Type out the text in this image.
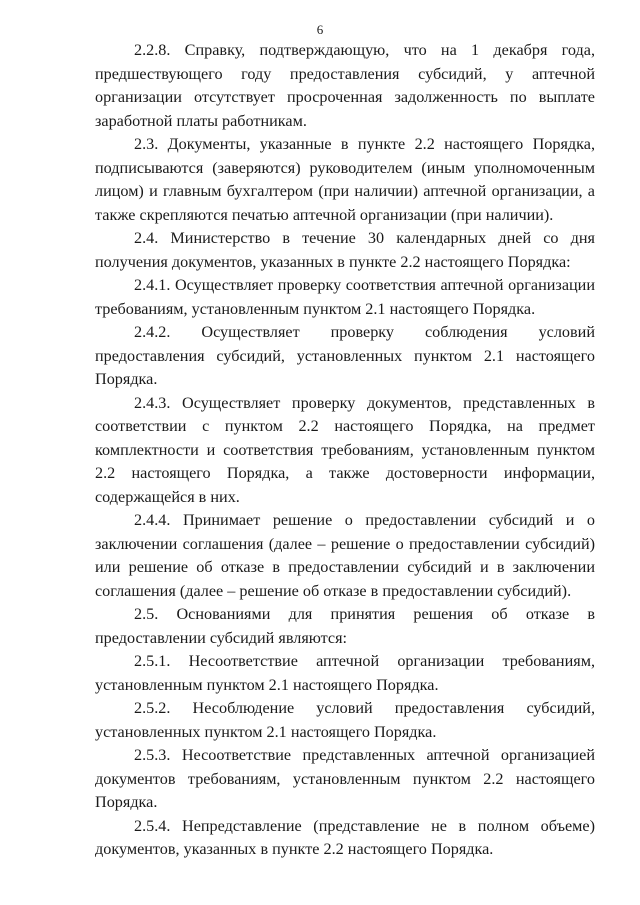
6

2.2.8. Справку, подтверждающую, что на 1 декабря года, предшествующего году предоставления субсидий, у аптечной организации отсутствует просроченная задолженность по выплате заработной платы работникам.

2.3. Документы, указанные в пункте 2.2 настоящего Порядка, подписываются (заверяются) руководителем (иным уполномоченным лицом) и главным бухгалтером (при наличии) аптечной организации, а также скрепляются печатью аптечной организации (при наличии).

2.4. Министерство в течение 30 календарных дней со дня получения документов, указанных в пункте 2.2 настоящего Порядка:

2.4.1. Осуществляет проверку соответствия аптечной организации требованиям, установленным пунктом 2.1 настоящего Порядка.

2.4.2. Осуществляет проверку соблюдения условий предоставления субсидий, установленных пунктом 2.1 настоящего Порядка.

2.4.3. Осуществляет проверку документов, представленных в соответствии с пунктом 2.2 настоящего Порядка, на предмет комплектности и соответствия требованиям, установленным пунктом 2.2 настоящего Порядка, а также достоверности информации, содержащейся в них.

2.4.4. Принимает решение о предоставлении субсидий и о заключении соглашения (далее – решение о предоставлении субсидий) или решение об отказе в предоставлении субсидий и в заключении соглашения (далее – решение об отказе в предоставлении субсидий).

2.5. Основаниями для принятия решения об отказе в предоставлении субсидий являются:

2.5.1. Несоответствие аптечной организации требованиям, установленным пунктом 2.1 настоящего Порядка.

2.5.2. Несоблюдение условий предоставления субсидий, установленных пунктом 2.1 настоящего Порядка.

2.5.3. Несоответствие представленных аптечной организацией документов требованиям, установленным пунктом 2.2 настоящего Порядка.

2.5.4. Непредставление (представление не в полном объеме) документов, указанных в пункте 2.2 настоящего Порядка.
